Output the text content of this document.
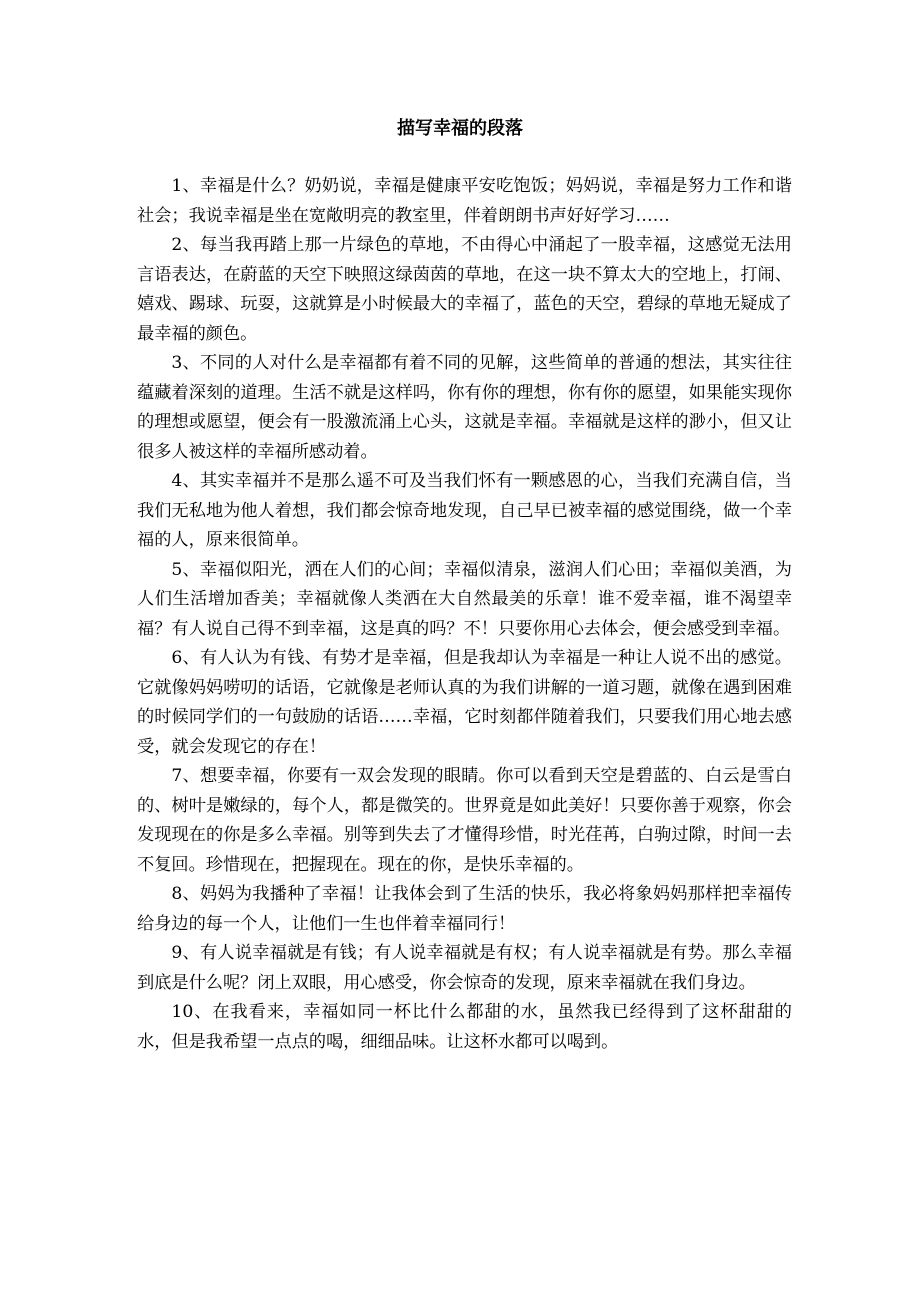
描写幸福的段落

1、幸福是什么？奶奶说，幸福是健康平安吃饱饭；妈妈说，幸福是努力工作和谐社会；我说幸福是坐在宽敞明亮的教室里，伴着朗朗书声好好学习……

2、每当我再踏上那一片绿色的草地，不由得心中涌起了一股幸福，这感觉无法用言语表达，在蔚蓝的天空下映照这绿茵茵的草地，在这一块不算太大的空地上，打闹、嬉戏、踢球、玩耍，这就算是小时候最大的幸福了，蓝色的天空，碧绿的草地无疑成了最幸福的颜色。

3、不同的人对什么是幸福都有着不同的见解，这些简单的普通的想法，其实往往蕴藏着深刻的道理。生活不就是这样吗，你有你的理想，你有你的愿望，如果能实现你的理想或愿望，便会有一股激流涌上心头，这就是幸福。幸福就是这样的渺小，但又让很多人被这样的幸福所感动着。

4、其实幸福并不是那么遥不可及当我们怀有一颗感恩的心，当我们充满自信，当我们无私地为他人着想，我们都会惊奇地发现，自己早已被幸福的感觉围绕，做一个幸福的人，原来很简单。

5、幸福似阳光，洒在人们的心间；幸福似清泉，滋润人们心田；幸福似美酒，为人们生活增加香美；幸福就像人类洒在大自然最美的乐章！谁不爱幸福，谁不渴望幸福？有人说自己得不到幸福，这是真的吗？不！只要你用心去体会，便会感受到幸福。

6、有人认为有钱、有势才是幸福，但是我却认为幸福是一种让人说不出的感觉。它就像妈妈唠叨的话语，它就像是老师认真的为我们讲解的一道习题，就像在遇到困难的时候同学们的一句鼓励的话语……幸福，它时刻都伴随着我们，只要我们用心地去感受，就会发现它的存在！

7、想要幸福，你要有一双会发现的眼睛。你可以看到天空是碧蓝的、白云是雪白的、树叶是嫩绿的，每个人，都是微笑的。世界竟是如此美好！只要你善于观察，你会发现现在的你是多么幸福。别等到失去了才懂得珍惜，时光荏苒，白驹过隙，时间一去不复回。珍惜现在，把握现在。现在的你，是快乐幸福的。

8、妈妈为我播种了幸福！让我体会到了生活的快乐，我必将象妈妈那样把幸福传给身边的每一个人，让他们一生也伴着幸福同行！

9、有人说幸福就是有钱；有人说幸福就是有权；有人说幸福就是有势。那么幸福到底是什么呢？闭上双眼，用心感受，你会惊奇的发现，原来幸福就在我们身边。

10、在我看来，幸福如同一杯比什么都甜的水，虽然我已经得到了这杯甜甜的水，但是我希望一点点的喝，细细品味。让这杯水都可以喝到。
